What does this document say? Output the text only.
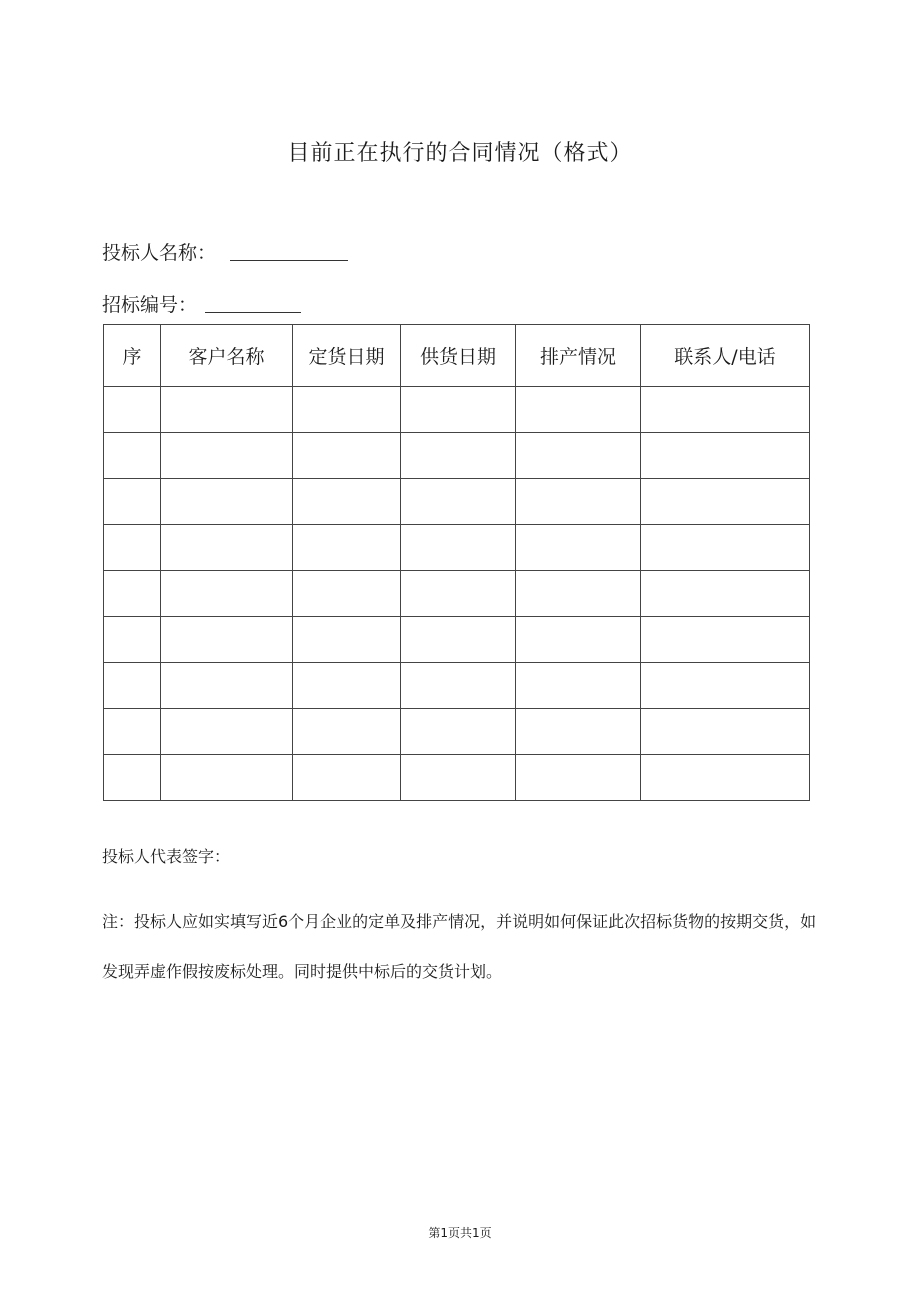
目前正在执行的合同情况（格式）
投标人名称：
招标编号：
序	客户名称	定货日期	供货日期	排产情况	联系人/电话

投标人代表签字：
注：投标人应如实填写近6个月企业的定单及排产情况，并说明如何保证此次招标货物的按期交货，如发现弄虚作假按废标处理。同时提供中标后的交货计划。
第1页共1页
